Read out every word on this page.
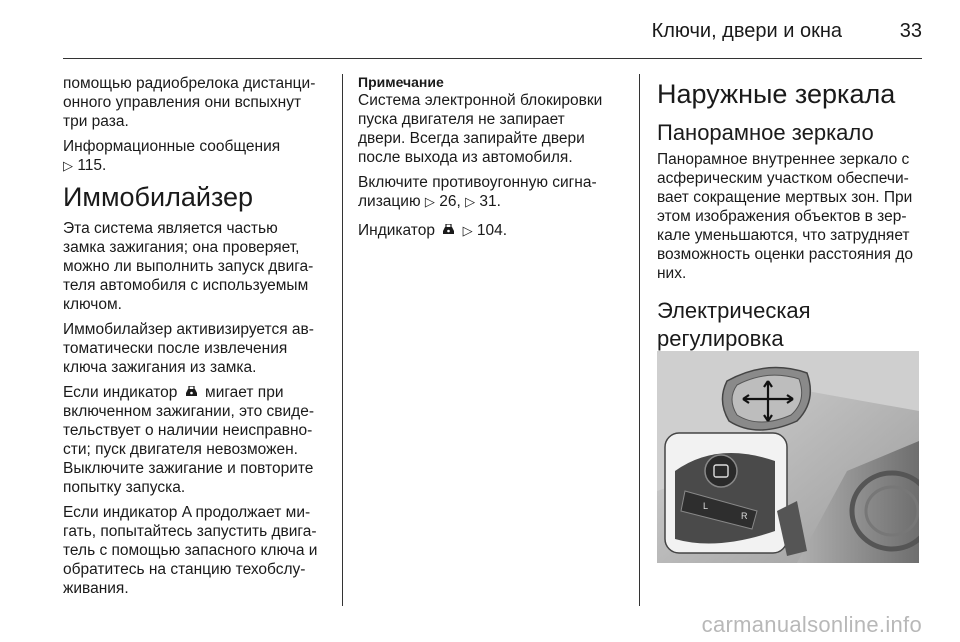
Ключи, двери и окна	33

помощью радиобрелока дистанци-
онного управления они вспыхнут
три раза.

Информационные сообщения
▷ 115.

Иммобилайзер

Эта система является частью
замка зажигания; она проверяет,
можно ли выполнить запуск двига-
теля автомобиля с используемым
ключом.

Иммобилайзер активизируется ав-
томатически после извлечения
ключа зажигания из замка.

Если индикатор мигает при
включенном зажигании, это свиде-
тельствует о наличии неисправно-
сти; пуск двигателя невозможен.
Выключите зажигание и повторите
попытку запуска.

Если индикатор A продолжает ми-
гать, попытайтесь запустить двига-
тель с помощью запасного ключа и
обратитесь на станцию техобслу-
живания.

Примечание

Система электронной блокировки
пуска двигателя не запирает
двери. Всегда запирайте двери
после выхода из автомобиля.

Включите противоугонную сигна-
лизацию ▷ 26, ▷ 31.

Индикатор ▷ 104.

Наружные зеркала
Панорамное зеркало

Панорамное внутреннее зеркало с
асферическим участком обеспечи-
вает сокращение мертвых зон. При
этом изображения объектов в зер-
кале уменьшаются, что затрудняет
возможность оценки расстояния до
них.

Электрическая
регулировка
L
R
carmanualsonline.info
